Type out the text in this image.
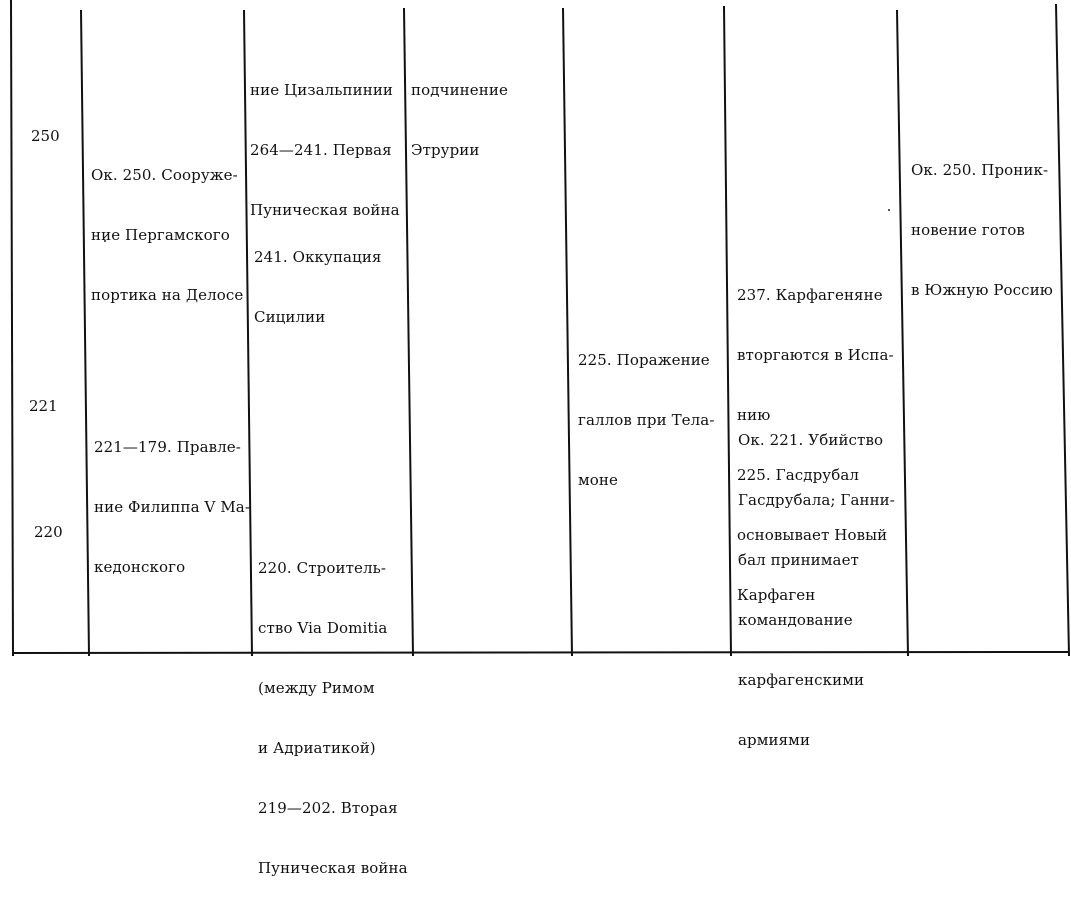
250
221
220

Ок. 250. Сооруже-

ние Пергамского

портика на Делосе

221—179. Правле-

ние Филиппа V Ма-

кедонского

ние Цизальпинии

264—241. Первая

Пуническая война

241. Оккупация

Сицилии

220. Строитель-

ство Via Domitia

(между Римом

и Адриатикой)

219—202. Вторая

Пуническая война

подчинение

Этрурии

225. Поражение

галлов при Тела-

моне

237. Карфагеняне

вторгаются в Испа-

нию

225. Гасдрубал

основывает Новый

Карфаген

Ок. 221. Убийство

Гасдрубала; Ганни-

бал принимает

командование

карфагенскими

армиями

Ок. 250. Проник-

новение готов

в Южную Россию
